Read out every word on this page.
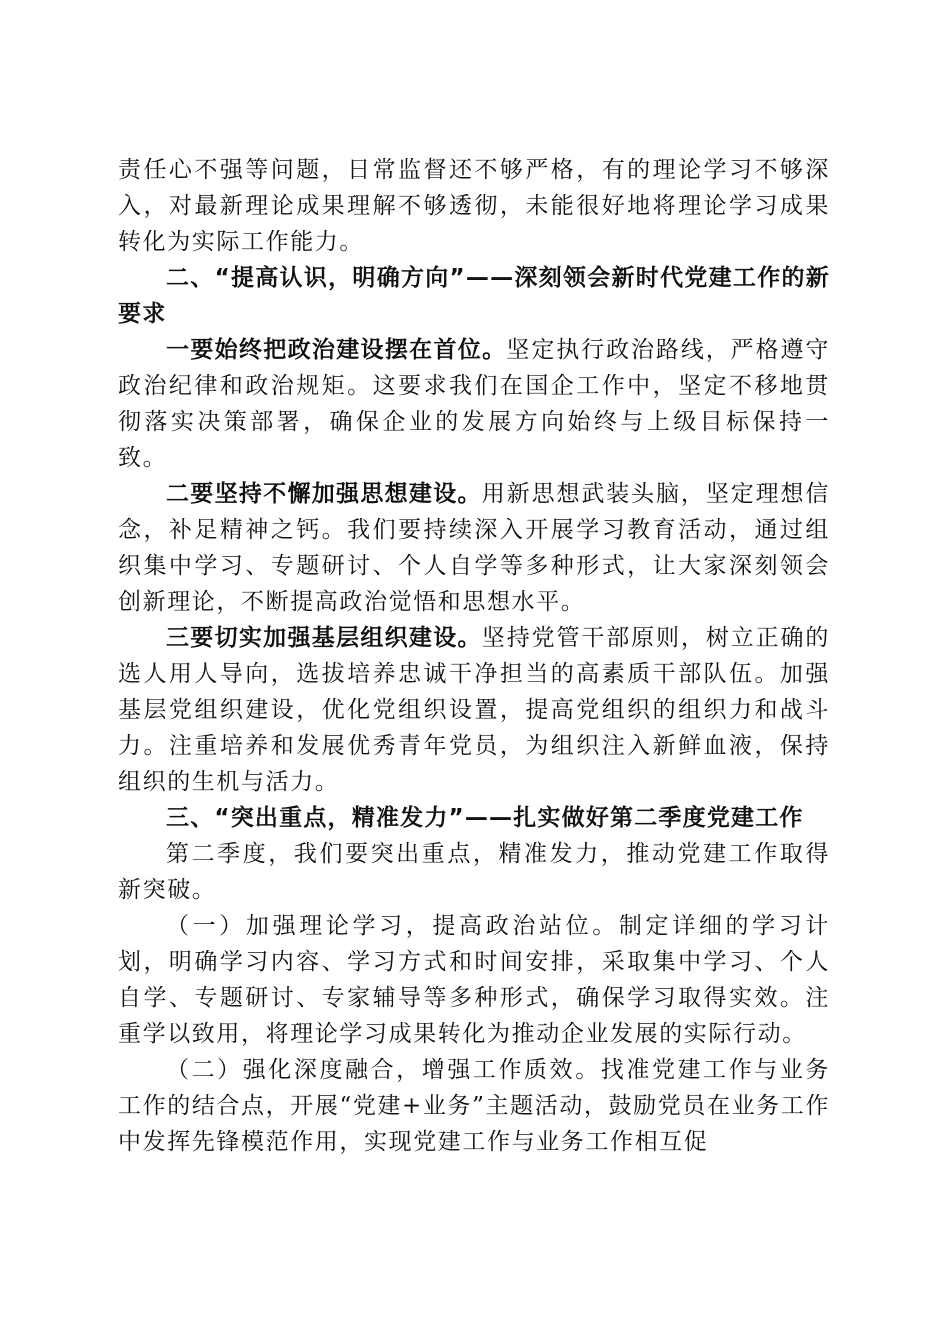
责任心不强等问题，日常监督还不够严格，有的理论学习不够深入，对最新理论成果理解不够透彻，未能很好地将理论学习成果转化为实际工作能力。

二、“提高认识，明确方向”——深刻领会新时代党建工作的新要求

一要始终把政治建设摆在首位。坚定执行政治路线，严格遵守政治纪律和政治规矩。这要求我们在国企工作中，坚定不移地贯彻落实决策部署，确保企业的发展方向始终与上级目标保持一致。

二要坚持不懈加强思想建设。用新思想武装头脑，坚定理想信念，补足精神之钙。我们要持续深入开展学习教育活动，通过组织集中学习、专题研讨、个人自学等多种形式，让大家深刻领会创新理论，不断提高政治觉悟和思想水平。

三要切实加强基层组织建设。坚持党管干部原则，树立正确的选人用人导向，选拔培养忠诚干净担当的高素质干部队伍。加强基层党组织建设，优化党组织设置，提高党组织的组织力和战斗力。注重培养和发展优秀青年党员，为组织注入新鲜血液，保持组织的生机与活力。

三、“突出重点，精准发力”——扎实做好第二季度党建工作

第二季度，我们要突出重点，精准发力，推动党建工作取得新突破。

（一）加强理论学习，提高政治站位。制定详细的学习计划，明确学习内容、学习方式和时间安排，采取集中学习、个人自学、专题研讨、专家辅导等多种形式，确保学习取得实效。注重学以致用，将理论学习成果转化为推动企业发展的实际行动。

（二）强化深度融合，增强工作质效。找准党建工作与业务工作的结合点，开展“党建+业务”主题活动，鼓励党员在业务工作中发挥先锋模范作用，实现党建工作与业务工作相互促
